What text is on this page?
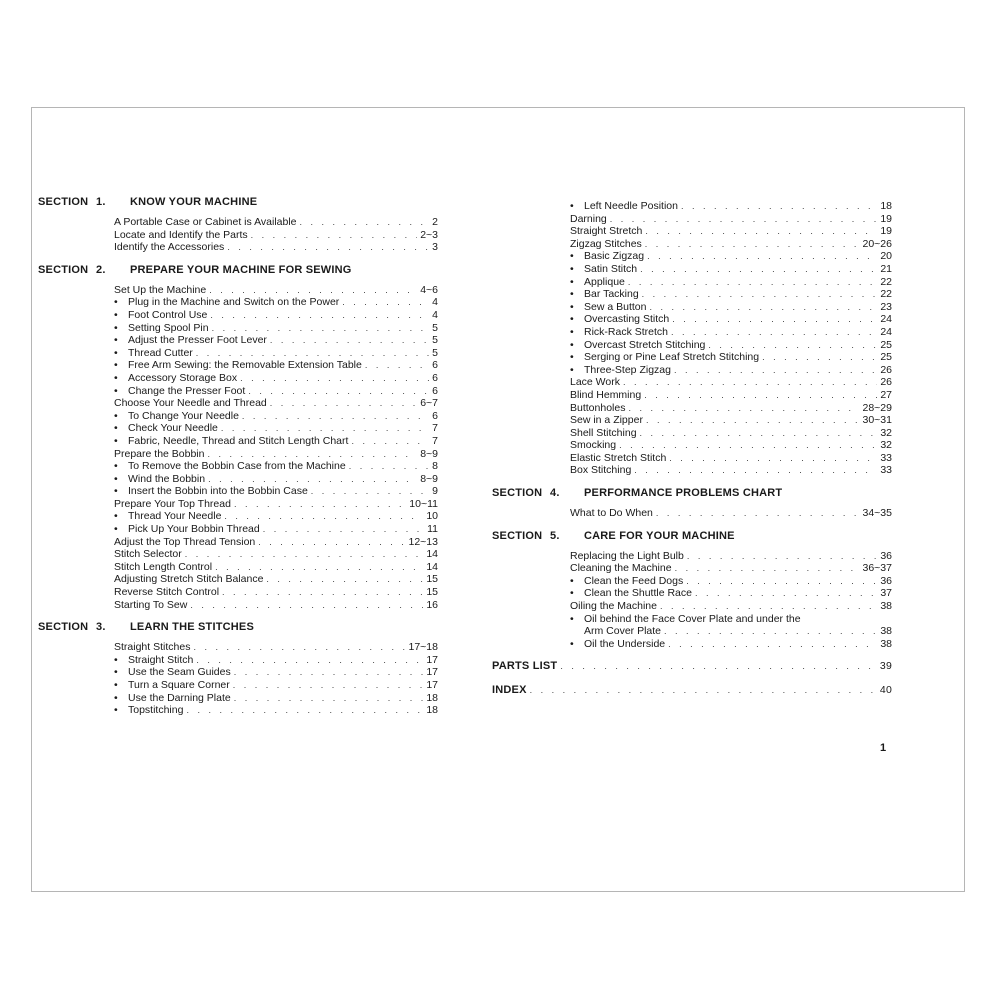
SECTION 1.	KNOW YOUR MACHINE
A Portable Case or Cabinet is Available . . .	2
Locate and Identify the Parts . . .	2~3
Identify the Accessories . . .	3
SECTION 2.	PREPARE YOUR MACHINE FOR SEWING
Set Up the Machine . . .	4~6
• Plug in the Machine and Switch on the Power . . .	4
• Foot Control Use . . .	4
• Setting Spool Pin . . .	5
• Adjust the Presser Foot Lever . . .	5
• Thread Cutter . . .	5
• Free Arm Sewing: the Removable Extension Table . . .	6
• Accessory Storage Box . . .	6
• Change the Presser Foot . . .	6
Choose Your Needle and Thread . . .	6~7
• To Change Your Needle . . .	6
• Check Your Needle . . .	7
• Fabric, Needle, Thread and Stitch Length Chart . . .	7
Prepare the Bobbin . . .	8~9
• To Remove the Bobbin Case from the Machine . . .	8
• Wind the Bobbin . . .	8~9
• Insert the Bobbin into the Bobbin Case . . .	9
Prepare Your Top Thread . . .	10~11
• Thread Your Needle . . .	10
• Pick Up Your Bobbin Thread . . .	11
Adjust the Top Thread Tension . . .	12~13
Stitch Selector . . .	14
Stitch Length Control . . .	14
Adjusting Stretch Stitch Balance . . .	15
Reverse Stitch Control . . .	15
Starting To Sew . . .	16
SECTION 3.	LEARN THE STITCHES
Straight Stitches . . .	17~18
• Straight Stitch . . .	17
• Use the Seam Guides . . .	17
• Turn a Square Corner . . .	17
• Use the Darning Plate . . .	18
• Topstitching . . .	18
• Left Needle Position . . .	18
Darning . . .	19
Straight Stretch . . .	19
Zigzag Stitches . . .	20~26
• Basic Zigzag . . .	20
• Satin Stitch . . .	21
• Applique . . .	22
• Bar Tacking . . .	22
• Sew a Button . . .	23
• Overcasting Stitch . . .	24
• Rick-Rack Stretch . . .	24
• Overcast Stretch Stitching . . .	25
• Serging or Pine Leaf Stretch Stitching . . .	25
• Three-Step Zigzag . . .	26
Lace Work . . .	26
Blind Hemming . . .	27
Buttonholes . . .	28~29
Sew in a Zipper . . .	30~31
Shell Stitching . . .	32
Smocking . . .	32
Elastic Stretch Stitch . . .	33
Box Stitching . . .	33
SECTION 4.	PERFORMANCE PROBLEMS CHART
What to Do When . . .	34~35
SECTION 5.	CARE FOR YOUR MACHINE
Replacing the Light Bulb . . .	36
Cleaning the Machine . . .	36~37
• Clean the Feed Dogs . . .	36
• Clean the Shuttle Race . . .	37
Oiling the Machine . . .	38
• Oil behind the Face Cover Plate and under the
Arm Cover Plate . . .	38
• Oil the Underside . . .	38
PARTS LIST . . .	39
INDEX . . .	40
1
